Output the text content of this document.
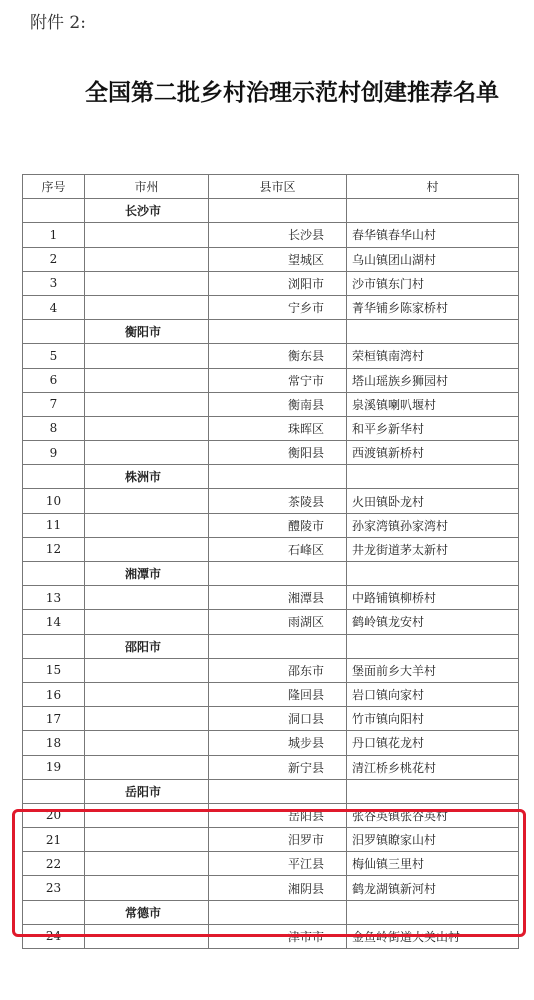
附件 2:
全国第二批乡村治理示范村创建推荐名单
序号	市州	县市区	村
	长沙市		
1		长沙县	春华镇春华山村
2		望城区	乌山镇团山湖村
3		浏阳市	沙市镇东门村
4		宁乡市	菁华铺乡陈家桥村
	衡阳市		
5		衡东县	荣桓镇南湾村
6		常宁市	塔山瑶族乡狮园村
7		衡南县	泉溪镇喇叭堰村
8		珠晖区	和平乡新华村
9		衡阳县	西渡镇新桥村
	株洲市		
10		茶陵县	火田镇卧龙村
11		醴陵市	孙家湾镇孙家湾村
12		石峰区	井龙街道茅太新村
	湘潭市		
13		湘潭县	中路铺镇柳桥村
14		雨湖区	鹤岭镇龙安村
	邵阳市		
15		邵东市	堡面前乡大羊村
16		隆回县	岩口镇向家村
17		洞口县	竹市镇向阳村
18		城步县	丹口镇花龙村
19		新宁县	清江桥乡桃花村
	岳阳市		
20		岳阳县	张谷英镇张谷英村
21		汨罗市	汨罗镇瞭家山村
22		平江县	梅仙镇三里村
23		湘阴县	鹤龙湖镇新河村
	常德市		
24		津市市	金鱼岭街道大关山村
